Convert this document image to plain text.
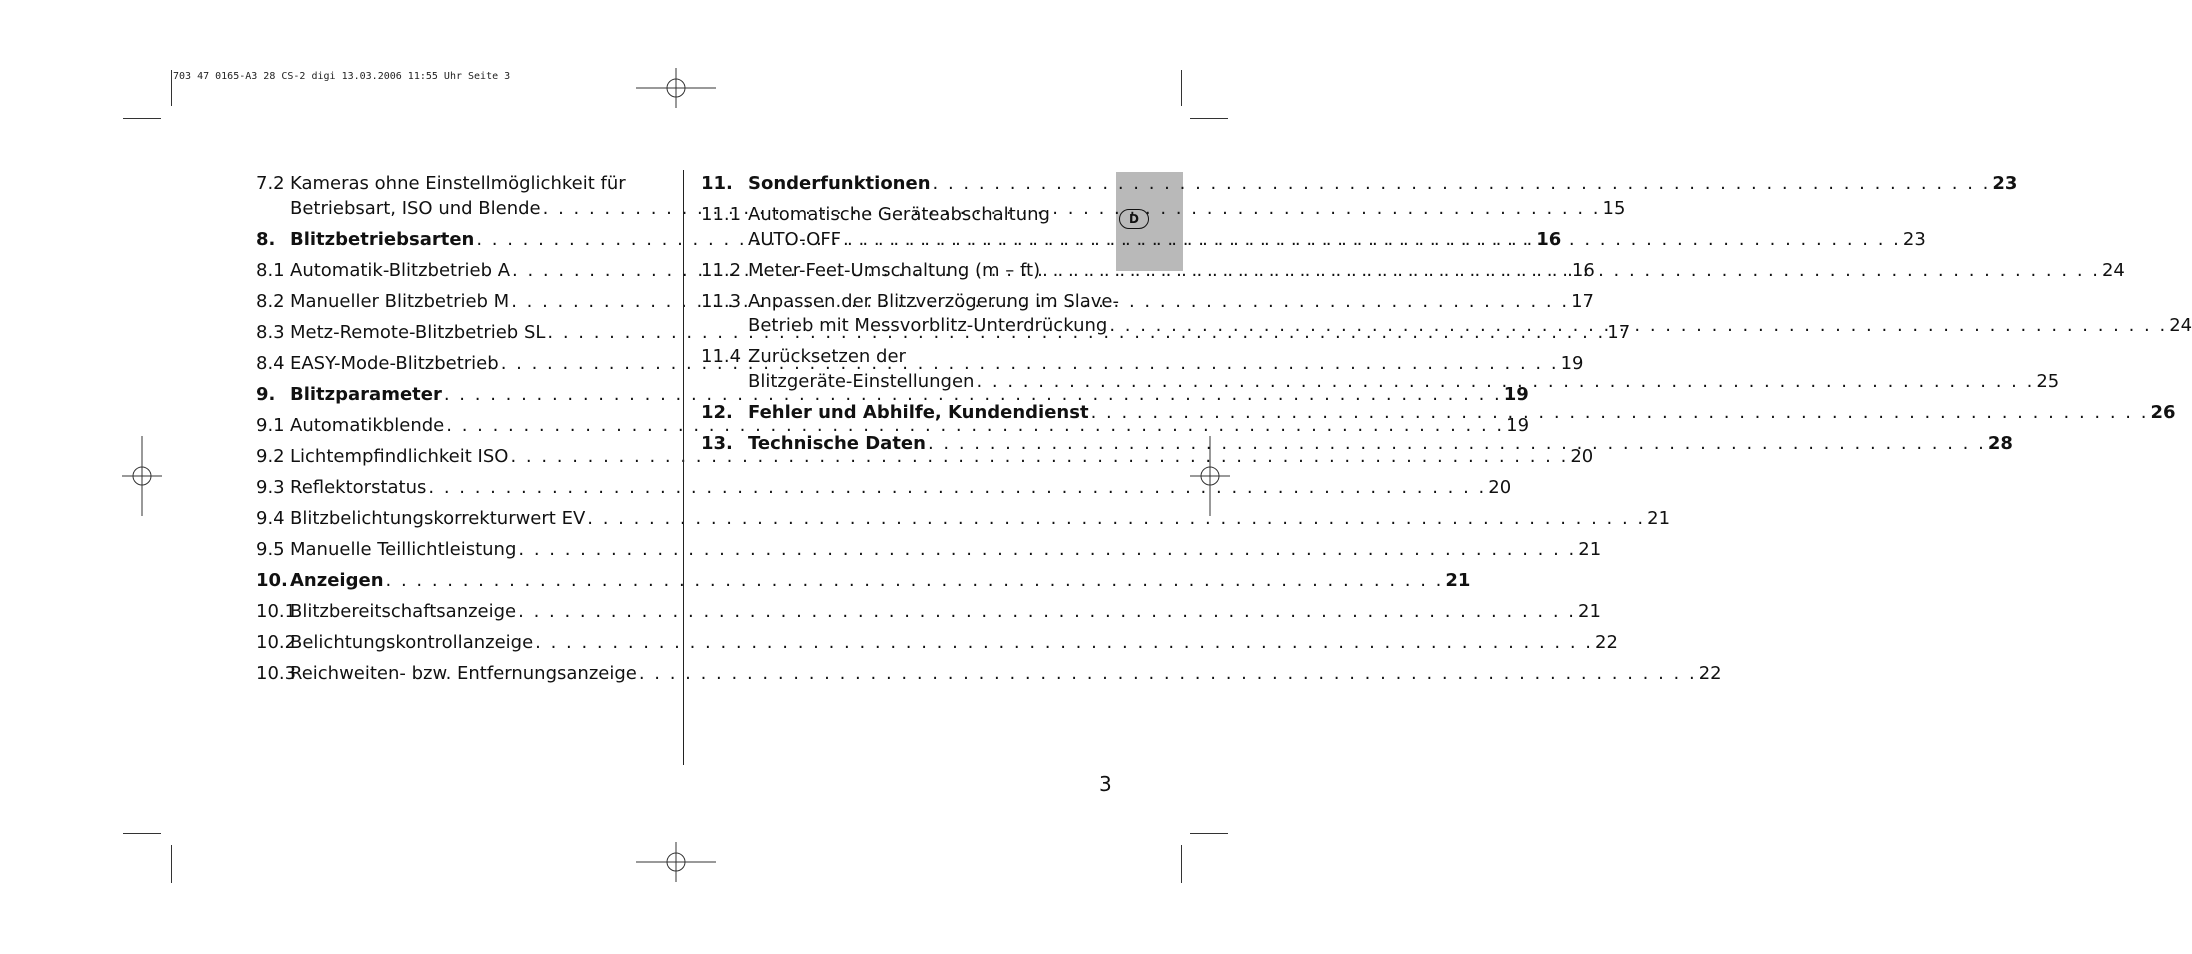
703 47 0165-A3 28 CS-2 digi 13.03.2006 11:55 Uhr Seite 3
D
7.2 Kameras ohne Einstellmöglichkeit für
Betriebsart, ISO und Blende . . .	15
8. Blitzbetriebsarten . . .	16
8.1 Automatik-Blitzbetrieb A . . .	16
8.2 Manueller Blitzbetrieb M . . .	17
8.3 Metz-Remote-Blitzbetrieb SL . . .	17
8.4 EASY-Mode-Blitzbetrieb . . .	19
9. Blitzparameter . . .	19
9.1 Automatikblende . . .	19
9.2 Lichtempfindlichkeit ISO . . .	20
9.3 Reflektorstatus . . .	20
9.4 Blitzbelichtungskorrekturwert EV . . .	21
9.5 Manuelle Teillichtleistung . . .	21
10. Anzeigen . . .	21
10.1
Blitzbereitschaftsanzeige . . .	21
10.2
Belichtungskontrollanzeige . . .	22
10.3
Reichweiten- bzw. Entfernungsanzeige . . .	22
11. Sonderfunktionen . . .	23
11.1 Automatische Geräteabschaltung
AUTO-OFF . . .	23
11.2 Meter-Feet-Umschaltung (m – ft) . . .	24
11.3 Anpassen der Blitzverzögerung im Slave-
Betrieb mit Messvorblitz-Unterdrückung . . .	24
11.4 Zurücksetzen der
Blitzgeräte-Einstellungen . . .	25
12. Fehler und Abhilfe, Kundendienst . . .	26
13. Technische Daten . . .	28
3
